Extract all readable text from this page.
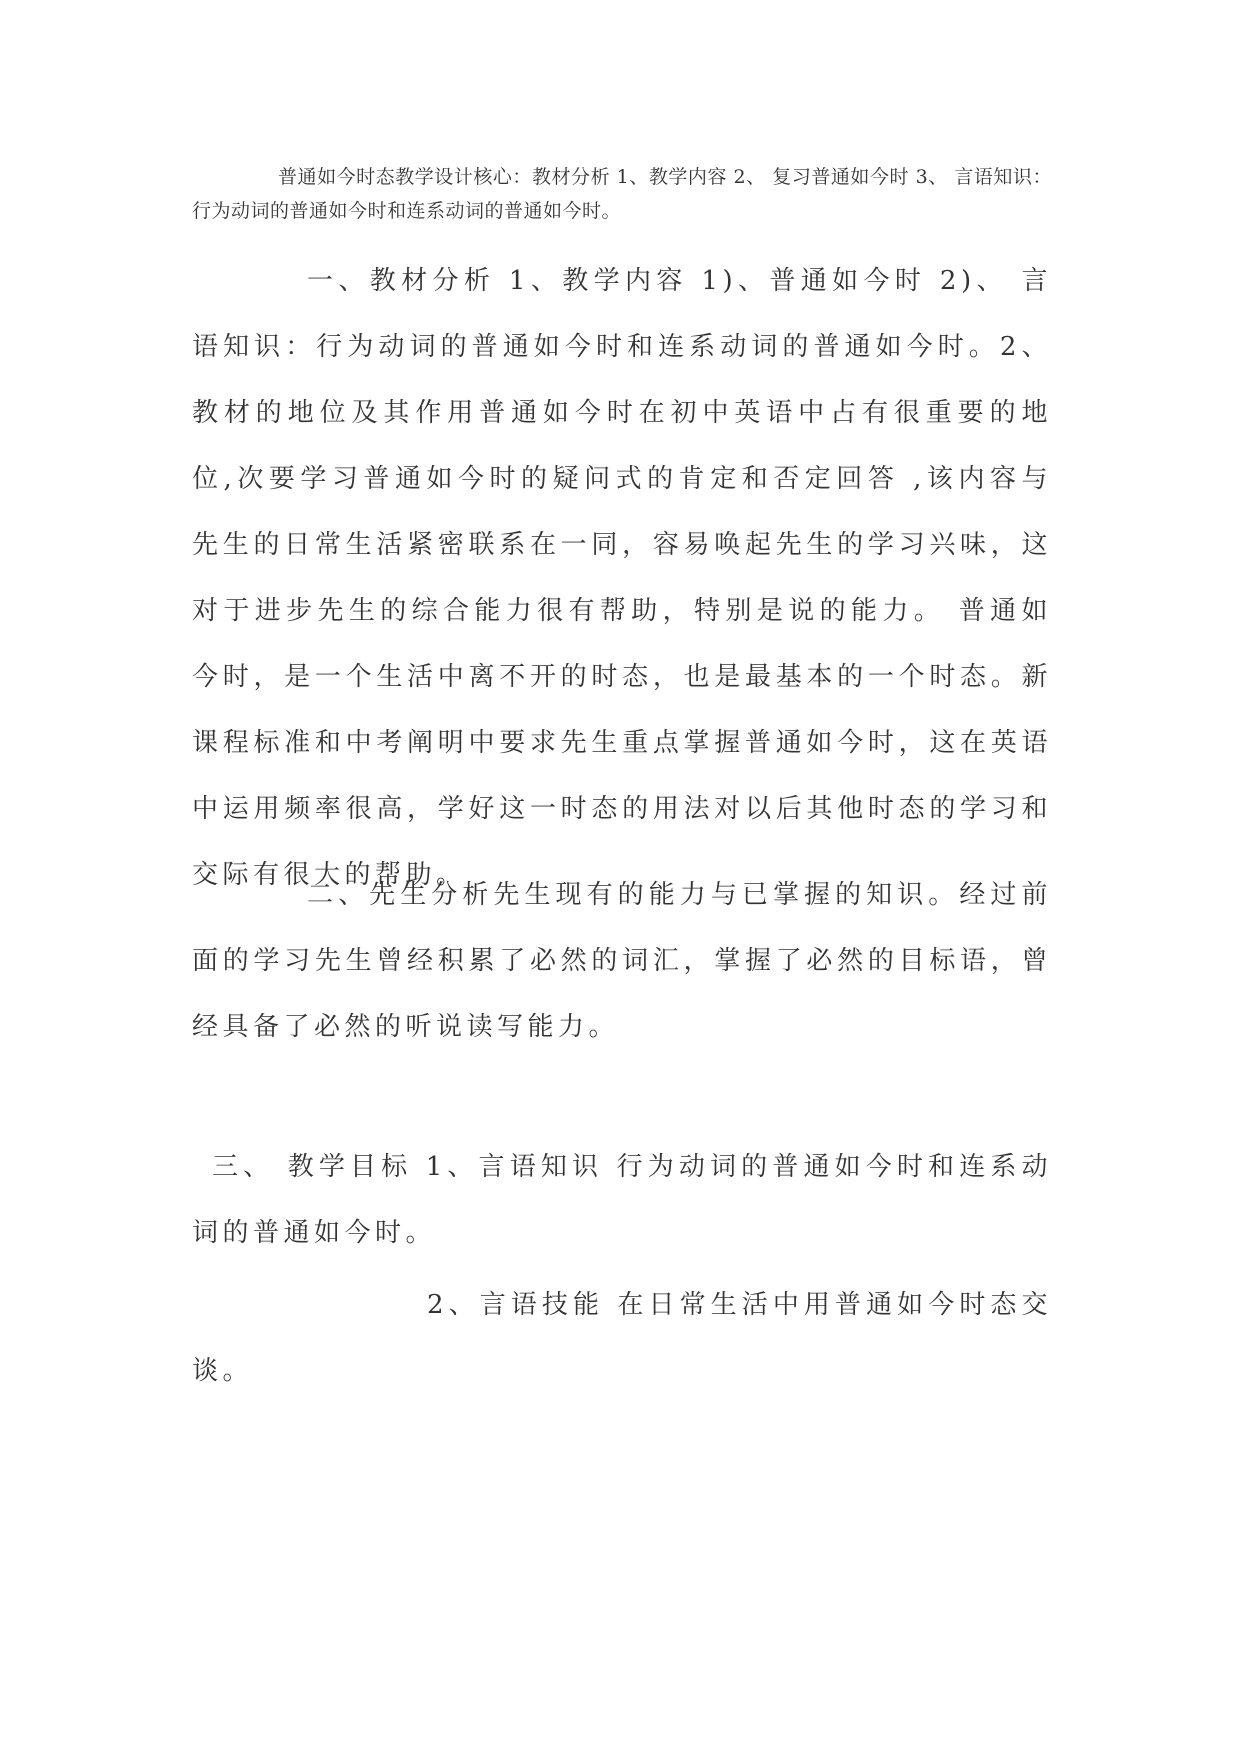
普通如今时态教学设计核心：教材分析 1、教学内容 2、 复习普通如今时 3、 言语知识：行为动词的普通如今时和连系动词的普通如今时。

一、教材分析 1、教学内容 1)、普通如今时 2)、 言语知识：行为动词的普通如今时和连系动词的普通如今时。2、教材的地位及其作用普通如今时在初中英语中占有很重要的地位,次要学习普通如今时的疑问式的肯定和否定回答 ,该内容与先生的日常生活紧密联系在一同，容易唤起先生的学习兴味，这对于进步先生的综合能力很有帮助，特别是说的能力。 普通如今时，是一个生活中离不开的时态，也是最基本的一个时态。新课程标准和中考阐明中要求先生重点掌握普通如今时，这在英语中运用频率很高，学好这一时态的用法对以后其他时态的学习和交际有很大的帮助。

二、先生分析先生现有的能力与已掌握的知识。经过前面的学习先生曾经积累了必然的词汇，掌握了必然的目标语，曾经具备了必然的听说读写能力。

三、 教学目标 1、言语知识 行为动词的普通如今时和连系动词的普通如今时。

2、言语技能 在日常生活中用普通如今时态交谈。
